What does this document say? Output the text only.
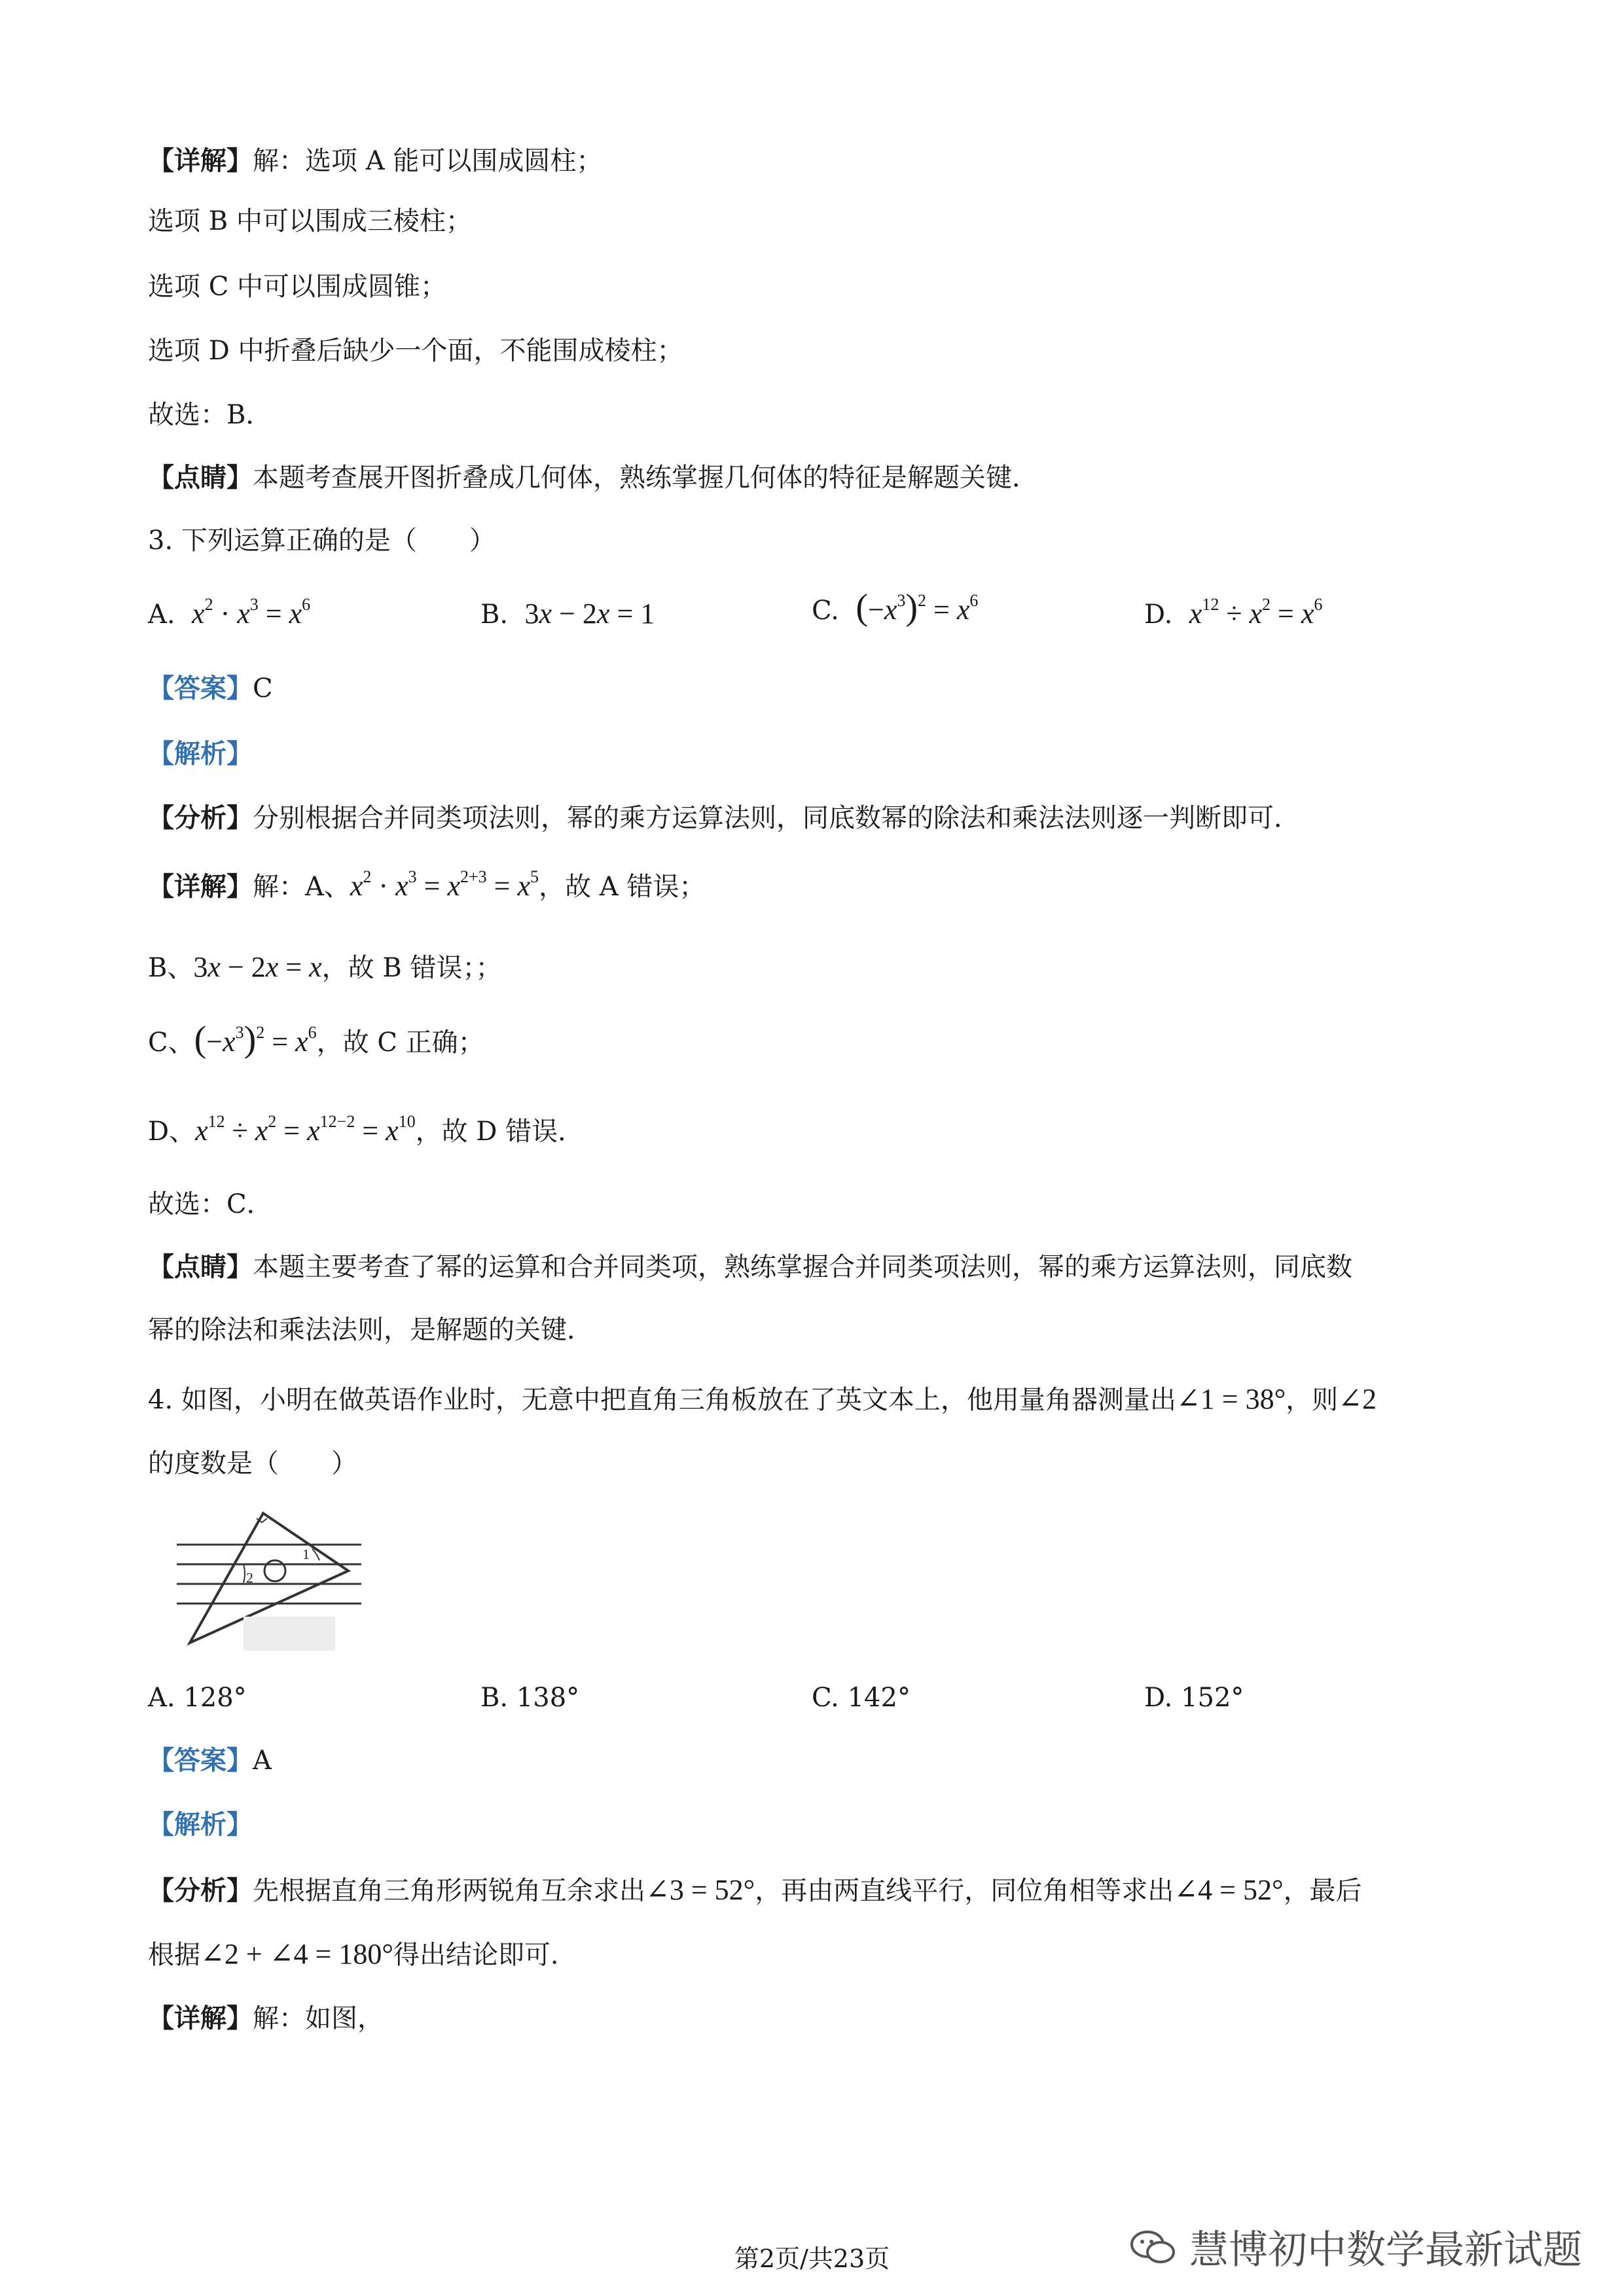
【详解】解：选项 A 能可以围成圆柱；
选项 B 中可以围成三棱柱；
选项 C 中可以围成圆锥；
选项 D 中折叠后缺少一个面，不能围成棱柱；
故选：B．
【点睛】本题考查展开图折叠成几何体，熟练掌握几何体的特征是解题关键．
3. 下列运算正确的是（　　）
A. $x^2 \cdot x^3 = x^6$	B. 3x − 2x = 1	C. $(-x^3)^2 = x^6$	D. $x^{12} \div x^2 = x^6$
【答案】C
【解析】
【分析】分别根据合并同类项法则，幂的乘方运算法则，同底数幂的除法和乘法法则逐一判断即可．
【详解】解：A、$x^2 \cdot x^3 = x^{2+3} = x^5$，故 A 错误；
B、3x − 2x = x，故 B 错误；；
C、$(-x^3)^2 = x^6$，故 C 正确；
D、$x^{12} \div x^2 = x^{12-2} = x^{10}$，故 D 错误．
故选：C．
【点睛】本题主要考查了幂的运算和合并同类项，熟练掌握合并同类项法则，幂的乘方运算法则，同底数
幂的除法和乘法法则，是解题的关键．
4. 如图，小明在做英语作业时，无意中把直角三角板放在了英文本上，他用量角器测量出∠1 = 38°，则∠2
的度数是（　　）
1
2
A. 128°	B. 138°	C. 142°	D. 152°
【答案】A
【解析】
【分析】先根据直角三角形两锐角互余求出∠3 = 52°，再由两直线平行，同位角相等求出∠4 = 52°，最后
根据∠2 + ∠4 = 180°得出结论即可．
【详解】解：如图，
慧博初中数学最新试题
第2页/共23页
